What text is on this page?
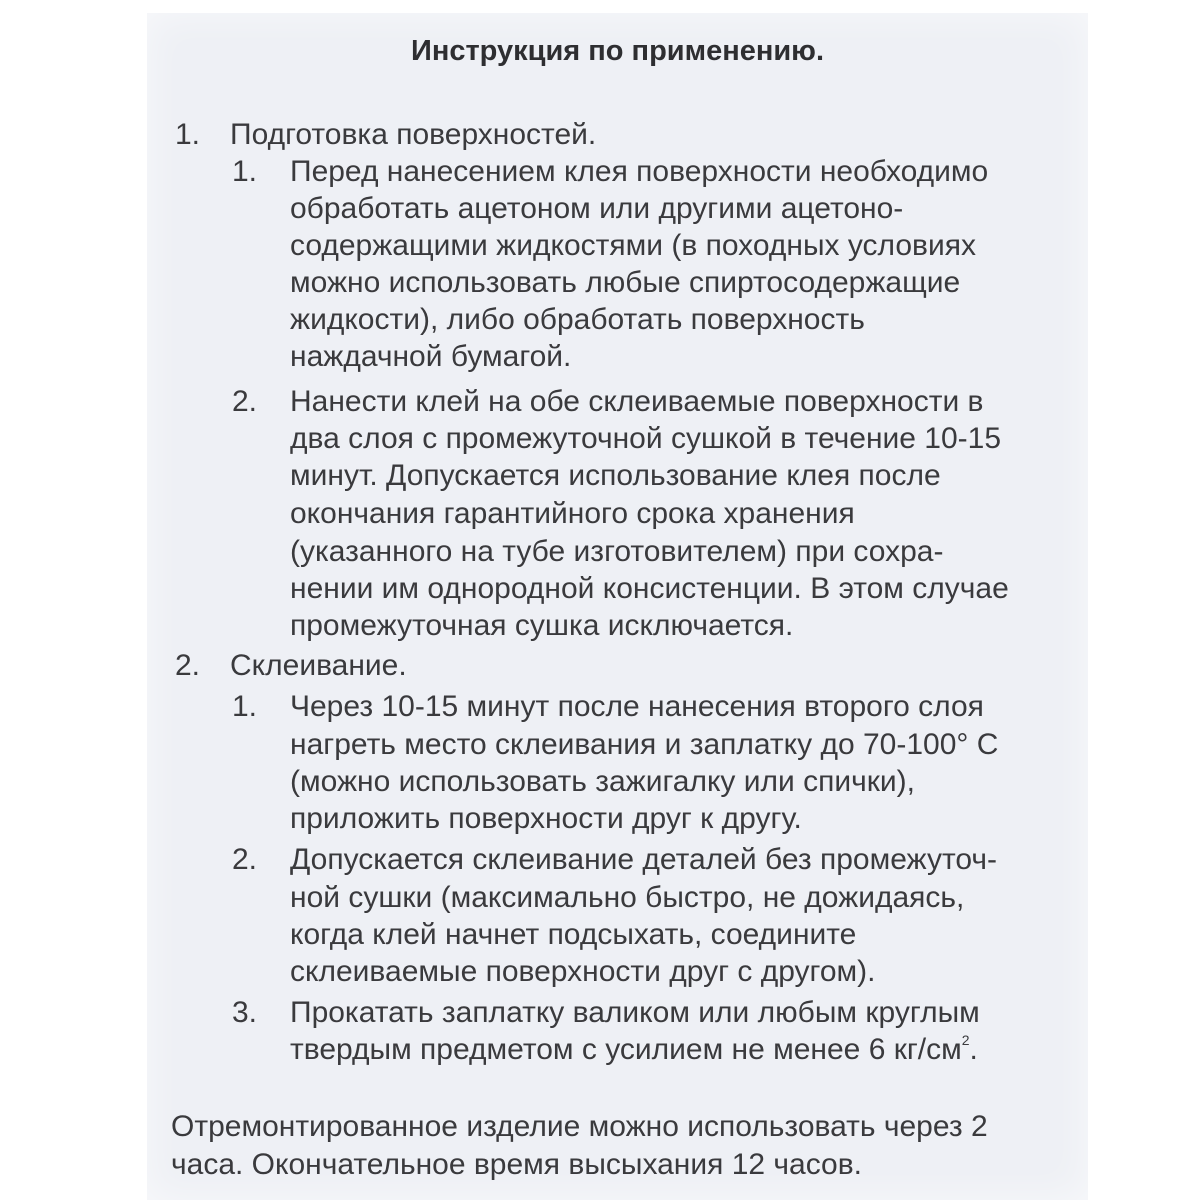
Инструкция по применению.
1. Подготовка поверхностей.
1. Перед нанесением клея поверхности необходимо
обработать ацетоном или другими ацетоно-
содержащими жидкостями (в походных условиях
можно использовать любые спиртосодержащие
жидкости), либо обработать поверхность
наждачной бумагой.
2. Нанести клей на обе склеиваемые поверхности в
два слоя с промежуточной сушкой в течение 10-15
минут. Допускается использование клея после
окончания гарантийного срока хранения
(указанного на тубе изготовителем) при сохра-
нении им однородной консистенции. В этом случае
промежуточная сушка исключается.
2. Склеивание.
1. Через 10-15 минут после нанесения второго слоя
нагреть место склеивания и заплатку до 70-100° С
(можно использовать зажигалку или спички),
приложить поверхности друг к другу.
2. Допускается склеивание деталей без промежуточ-
ной сушки (максимально быстро, не дожидаясь,
когда клей начнет подсыхать, соедините
склеиваемые поверхности друг с другом).
3. Прокатать заплатку валиком или любым круглым
твердым предметом с усилием не менее 6 $кг/см^2$.
Отремонтированное изделие можно использовать через 2
часа. Окончательное время высыхания 12 часов.
